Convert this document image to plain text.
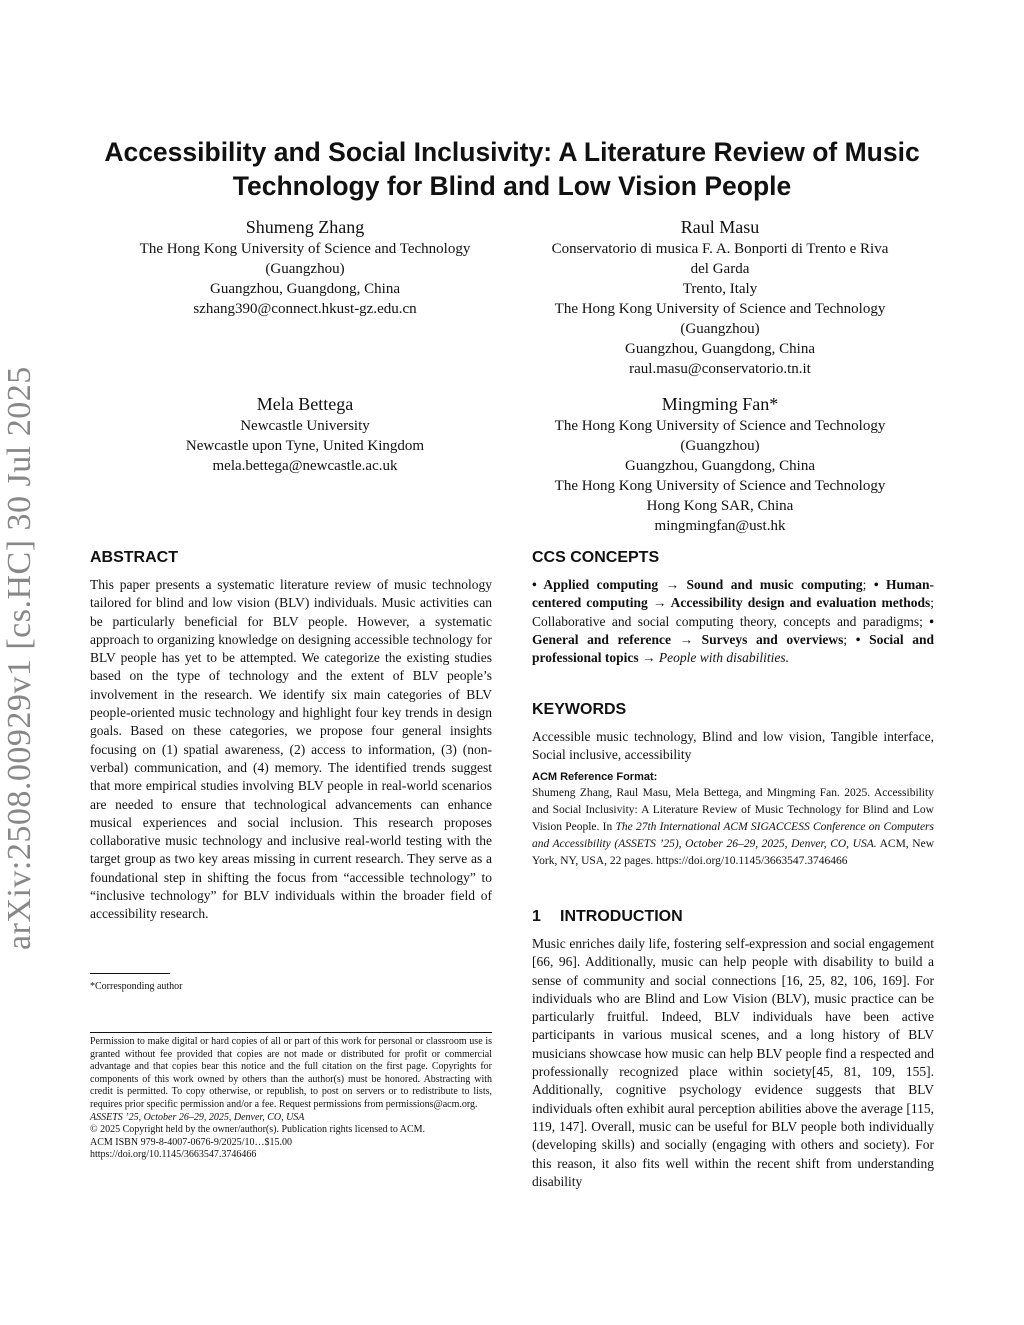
arXiv:2508.00929v1 [cs.HC] 30 Jul 2025
Accessibility and Social Inclusivity: A Literature Review of Music Technology for Blind and Low Vision People
Shumeng Zhang
The Hong Kong University of Science and Technology
(Guangzhou)
Guangzhou, Guangdong, China
szhang390@connect.hkust-gz.edu.cn
Raul Masu
Conservatorio di musica F. A. Bonporti di Trento e Riva
del Garda
Trento, Italy
The Hong Kong University of Science and Technology
(Guangzhou)
Guangzhou, Guangdong, China
raul.masu@conservatorio.tn.it
Mela Bettega
Newcastle University
Newcastle upon Tyne, United Kingdom
mela.bettega@newcastle.ac.uk
Mingming Fan*
The Hong Kong University of Science and Technology
(Guangzhou)
Guangzhou, Guangdong, China
The Hong Kong University of Science and Technology
Hong Kong SAR, China
mingmingfan@ust.hk
ABSTRACT

This paper presents a systematic literature review of music technology tailored for blind and low vision (BLV) individuals. Music activities can be particularly beneficial for BLV people. However, a systematic approach to organizing knowledge on designing accessible technology for BLV people has yet to be attempted. We categorize the existing studies based on the type of technology and the extent of BLV people’s involvement in the research. We identify six main categories of BLV people-oriented music technology and highlight four key trends in design goals. Based on these categories, we propose four general insights focusing on (1) spatial awareness, (2) access to information, (3) (non-verbal) communication, and (4) memory. The identified trends suggest that more empirical studies involving BLV people in real-world scenarios are needed to ensure that technological advancements can enhance musical experiences and social inclusion. This research proposes collaborative music technology and inclusive real-world testing with the target group as two key areas missing in current research. They serve as a foundational step in shifting the focus from “accessible technology” to “inclusive technology” for BLV individuals within the broader field of accessibility research.

*Corresponding author
Permission to make digital or hard copies of all or part of this work for personal or classroom use is granted without fee provided that copies are not made or distributed for profit or commercial advantage and that copies bear this notice and the full citation on the first page. Copyrights for components of this work owned by others than the author(s) must be honored. Abstracting with credit is permitted. To copy otherwise, or republish, to post on servers or to redistribute to lists, requires prior specific permission and/or a fee. Request permissions from permissions@acm.org.
ASSETS ’25, October 26–29, 2025, Denver, CO, USA
© 2025 Copyright held by the owner/author(s). Publication rights licensed to ACM.
ACM ISBN 979-8-4007-0676-9/2025/10…$15.00
https://doi.org/10.1145/3663547.3746466
CCS CONCEPTS

• Applied computing → Sound and music computing; • Human-centered computing → Accessibility design and evaluation methods; Collaborative and social computing theory, concepts and paradigms; • General and reference → Surveys and overviews; • Social and professional topics → People with disabilities.

KEYWORDS

Accessible music technology, Blind and low vision, Tangible interface, Social inclusive, accessibility

ACM Reference Format:

Shumeng Zhang, Raul Masu, Mela Bettega, and Mingming Fan. 2025. Accessibility and Social Inclusivity: A Literature Review of Music Technology for Blind and Low Vision People. In The 27th International ACM SIGACCESS Conference on Computers and Accessibility (ASSETS ’25), October 26–29, 2025, Denver, CO, USA. ACM, New York, NY, USA, 22 pages. https://doi.org/10.1145/3663547.3746466

1 INTRODUCTION

Music enriches daily life, fostering self-expression and social engagement [66, 96]. Additionally, music can help people with disability to build a sense of community and social connections [16, 25, 82, 106, 169]. For individuals who are Blind and Low Vision (BLV), music practice can be particularly fruitful. Indeed, BLV individuals have been active participants in various musical scenes, and a long history of BLV musicians showcase how music can help BLV people find a respected and professionally recognized place within society[45, 81, 109, 155]. Additionally, cognitive psychology evidence suggests that BLV individuals often exhibit aural perception abilities above the average [115, 119, 147]. Overall, music can be useful for BLV people both individually (developing skills) and socially (engaging with others and society). For this reason, it also fits well within the recent shift from understanding disability
